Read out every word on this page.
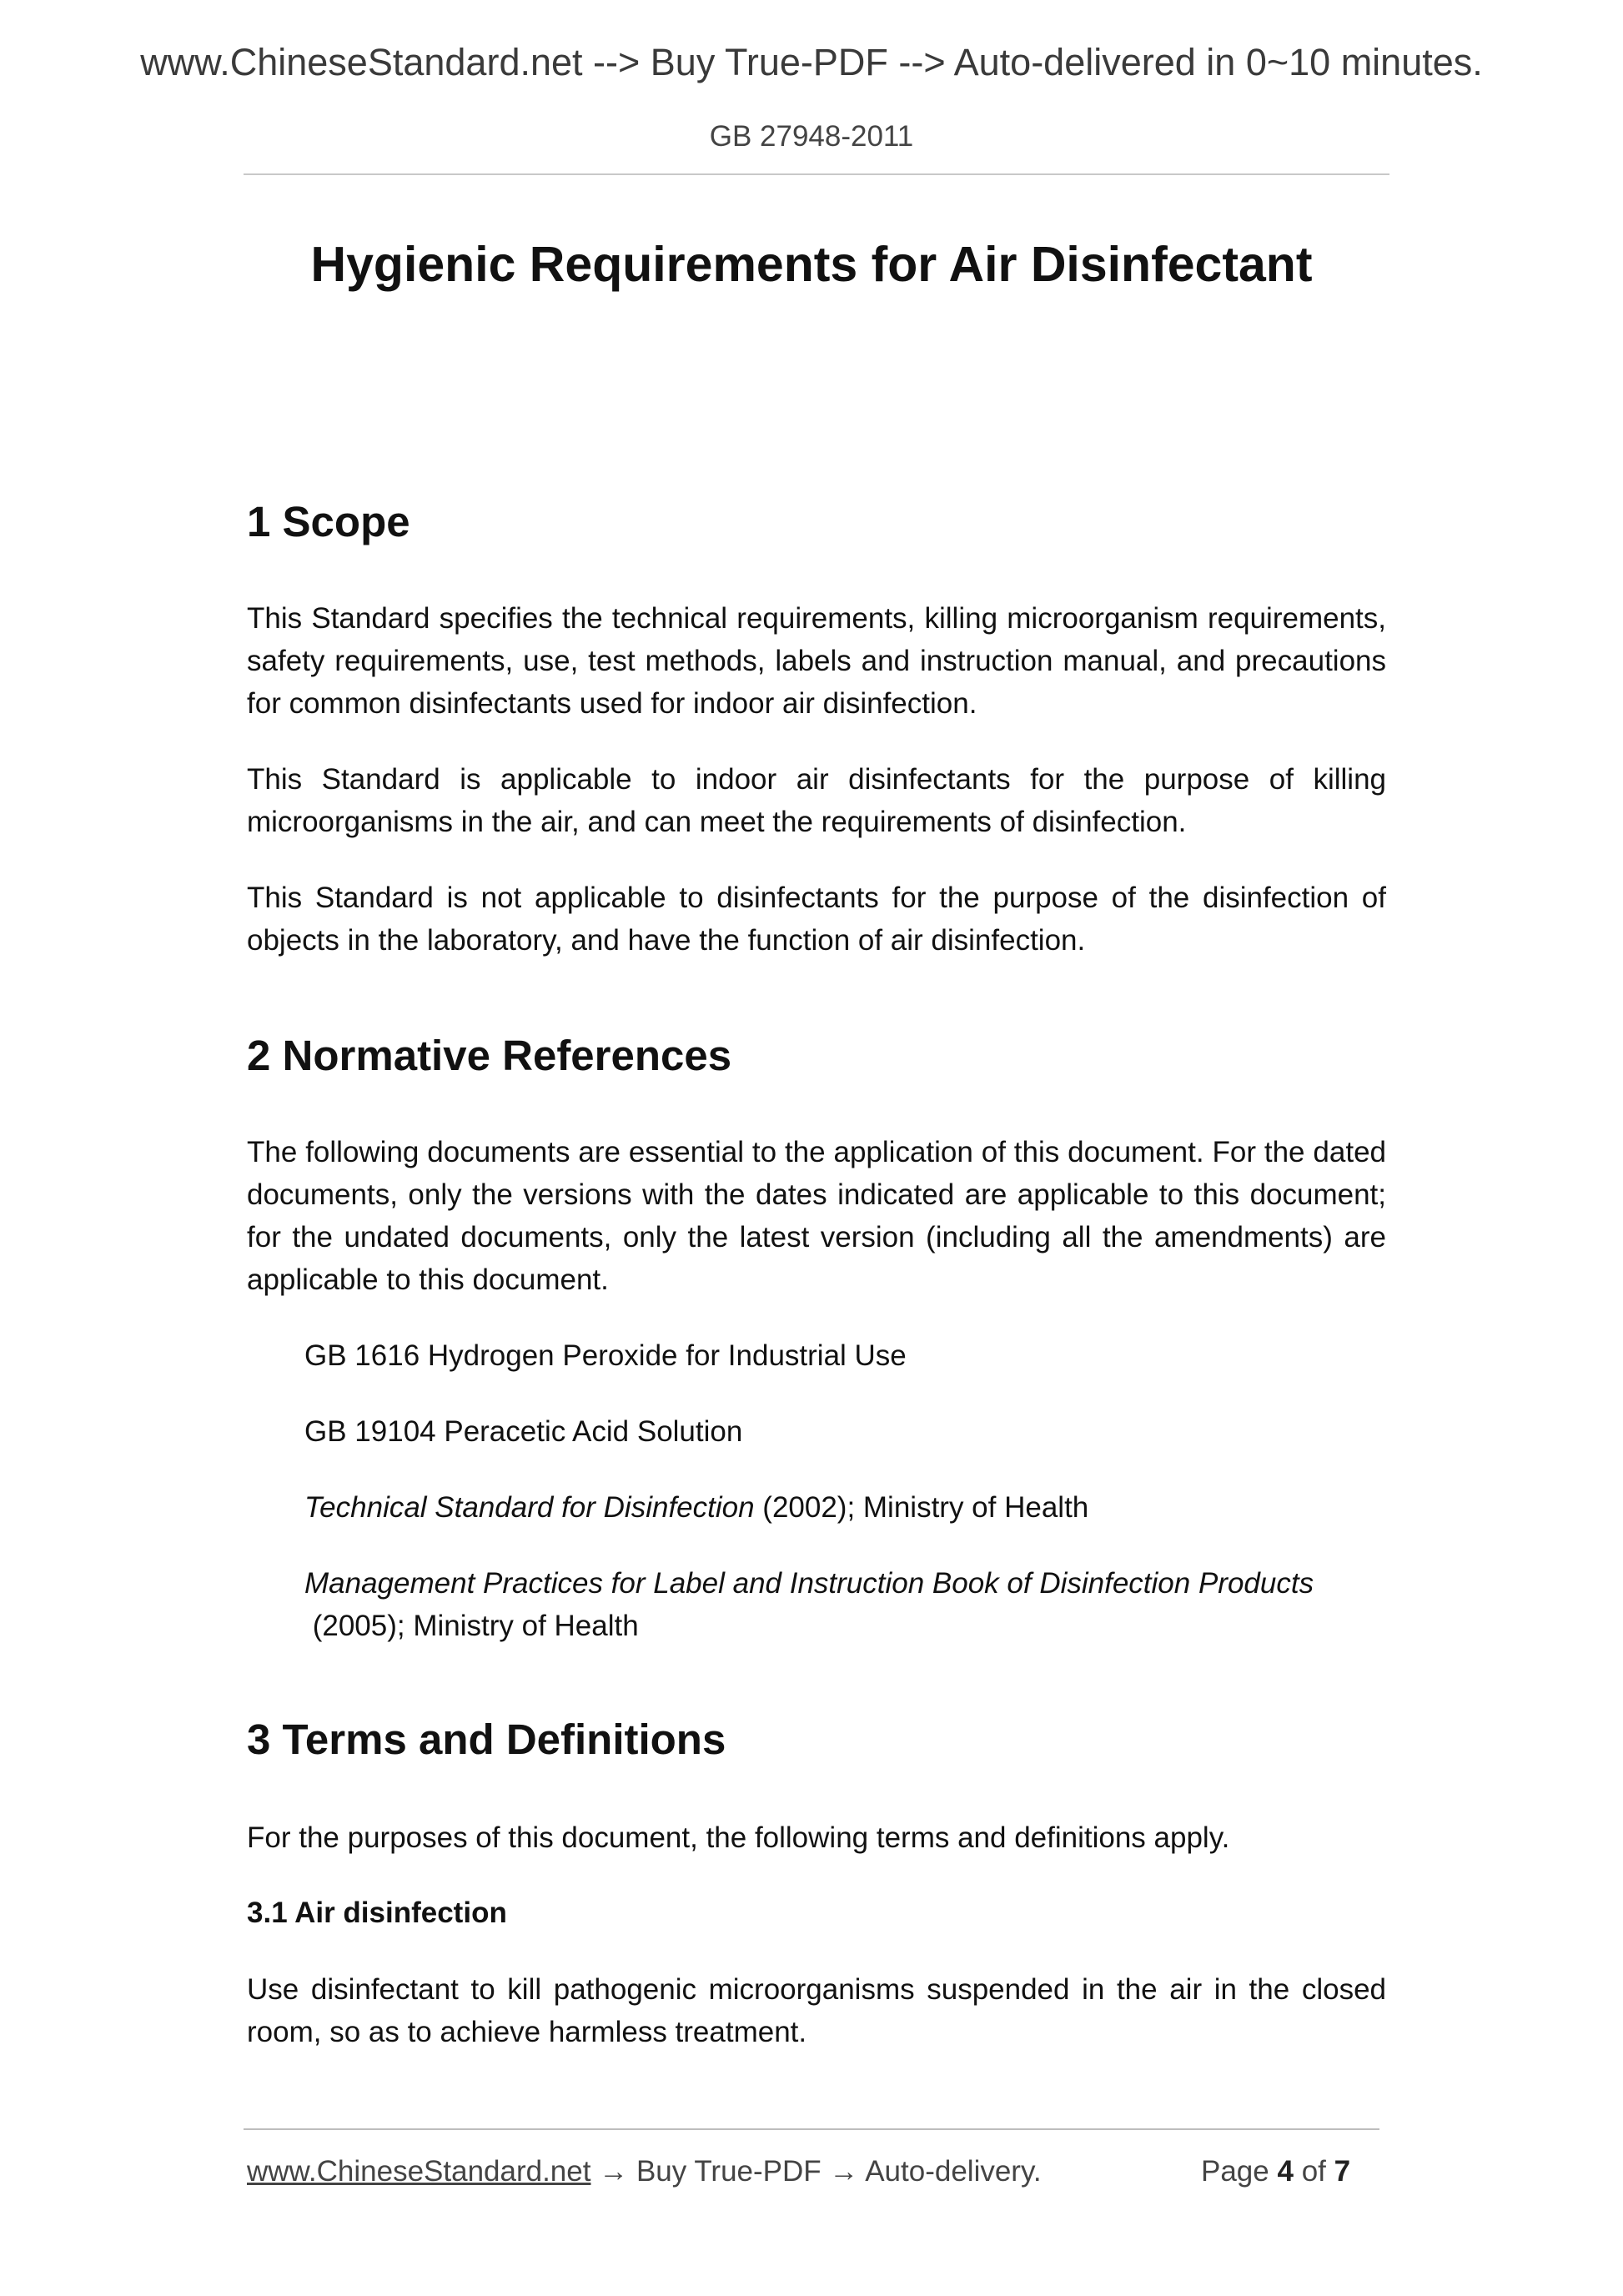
www.ChineseStandard.net --> Buy True-PDF --> Auto-delivered in 0~10 minutes.
GB 27948-2011
Hygienic Requirements for Air Disinfectant
1 Scope
This Standard specifies the technical requirements, killing microorganism requirements, safety requirements, use, test methods, labels and instruction manual, and precautions for common disinfectants used for indoor air disinfection.
This Standard is applicable to indoor air disinfectants for the purpose of killing microorganisms in the air, and can meet the requirements of disinfection.
This Standard is not applicable to disinfectants for the purpose of the disinfection of objects in the laboratory, and have the function of air disinfection.
2 Normative References
The following documents are essential to the application of this document. For the dated documents, only the versions with the dates indicated are applicable to this document; for the undated documents, only the latest version (including all the amendments) are applicable to this document.
GB 1616 Hydrogen Peroxide for Industrial Use
GB 19104 Peracetic Acid Solution
Technical Standard for Disinfection (2002); Ministry of Health
Management Practices for Label and Instruction Book of Disinfection Products
(2005); Ministry of Health
3 Terms and Definitions
For the purposes of this document, the following terms and definitions apply.
3.1 Air disinfection
Use disinfectant to kill pathogenic microorganisms suspended in the air in the closed room, so as to achieve harmless treatment.
www.ChineseStandard.net → Buy True-PDF → Auto-delivery.	Page 4 of 7
